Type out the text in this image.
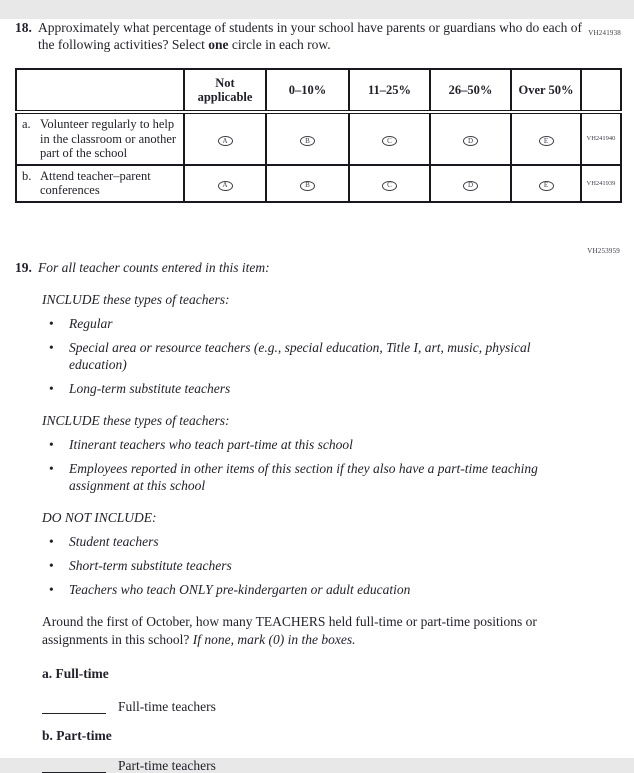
VH241938
18. Approximately what percentage of students in your school have parents or guardians who do each of the following activities? Select one circle in each row.
	Not applicable	0–10%	11–25%	26–50%	Over 50%	

a. Volunteer regularly to help in the classroom or another part of the school	A	B	C	D	E	VH241940

b. Attend teacher–parent conferences	A	B	C	D	E	VH241939
VH253959
19. For all teacher counts entered in this item:
INCLUDE these types of teachers:
•
Regular
•
Special area or resource teachers (e.g., special education, Title I, art, music, physical education)
•
Long-term substitute teachers
INCLUDE these types of teachers:
•
Itinerant teachers who teach part-time at this school
•
Employees reported in other items of this section if they also have a part-time teaching assignment at this school
DO NOT INCLUDE:
•
Student teachers
•
Short-term substitute teachers
•
Teachers who teach ONLY pre-kindergarten or adult education
Around the first of October, how many TEACHERS held full-time or part-time positions or assignments in this school? If none, mark (0) in the boxes.
a. Full-time
Full-time teachers
b. Part-time
Part-time teachers
